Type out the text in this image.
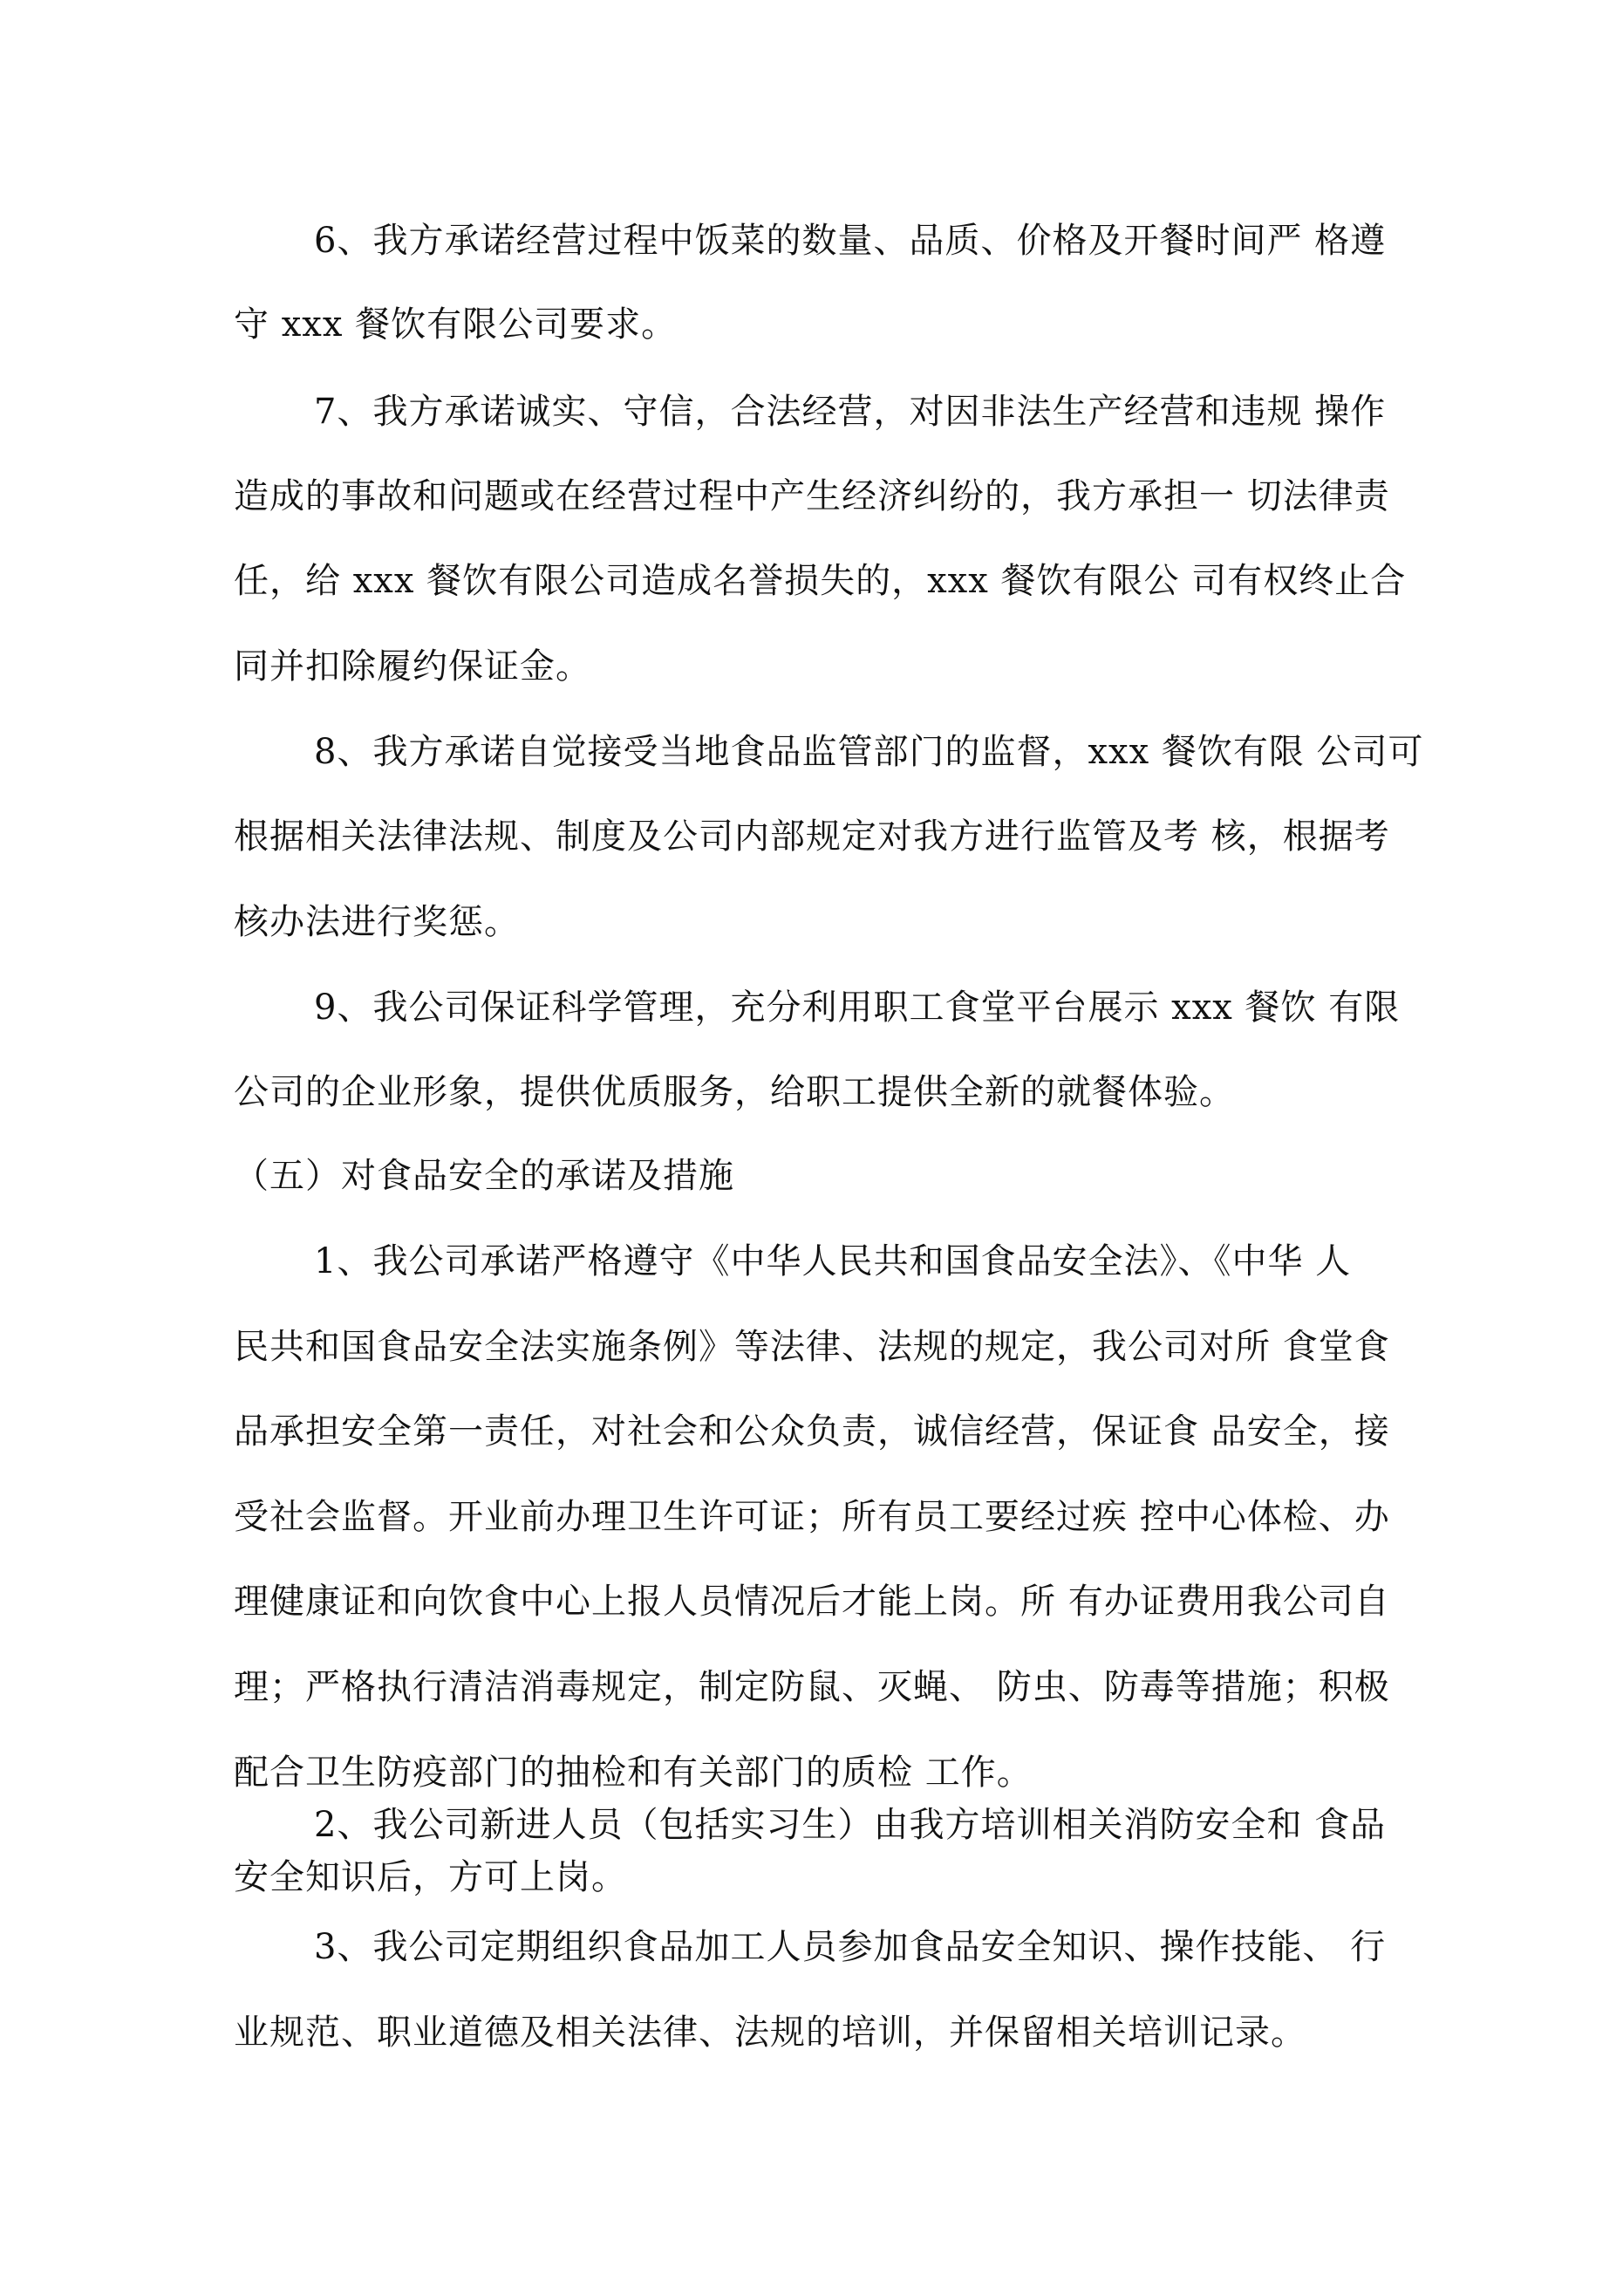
6、我方承诺经营过程中饭菜的数量、品质、价格及开餐时间严 格遵
守 xxx 餐饮有限公司要求。
7、我方承诺诚实、守信，合法经营，对因非法生产经营和违规 操作
造成的事故和问题或在经营过程中产生经济纠纷的，我方承担一 切法律责
任，给 xxx 餐饮有限公司造成名誉损失的，xxx 餐饮有限公 司有权终止合
同并扣除履约保证金。
8、我方承诺自觉接受当地食品监管部门的监督，xxx 餐饮有限 公司可
根据相关法律法规、制度及公司内部规定对我方进行监管及考 核，根据考
核办法进行奖惩。
9、我公司保证科学管理，充分利用职工食堂平台展示 xxx 餐饮 有限
公司的企业形象，提供优质服务，给职工提供全新的就餐体验。
（五）对食品安全的承诺及措施
1、我公司承诺严格遵守《中华人民共和国食品安全法》、《中华 人
民共和国食品安全法实施条例》等法律、法规的规定，我公司对所 食堂食
品承担安全第一责任，对社会和公众负责，诚信经营，保证食 品安全，接
受社会监督。开业前办理卫生许可证；所有员工要经过疾 控中心体检、办
理健康证和向饮食中心上报人员情况后才能上岗。所 有办证费用我公司自
理；严格执行清洁消毒规定，制定防鼠、灭蝇、 防虫、防毒等措施；积极
配合卫生防疫部门的抽检和有关部门的质检 工作。
2、我公司新进人员（包括实习生）由我方培训相关消防安全和 食品
安全知识后，方可上岗。
3、我公司定期组织食品加工人员参加食品安全知识、操作技能、 行
业规范、职业道德及相关法律、法规的培训，并保留相关培训记录。
